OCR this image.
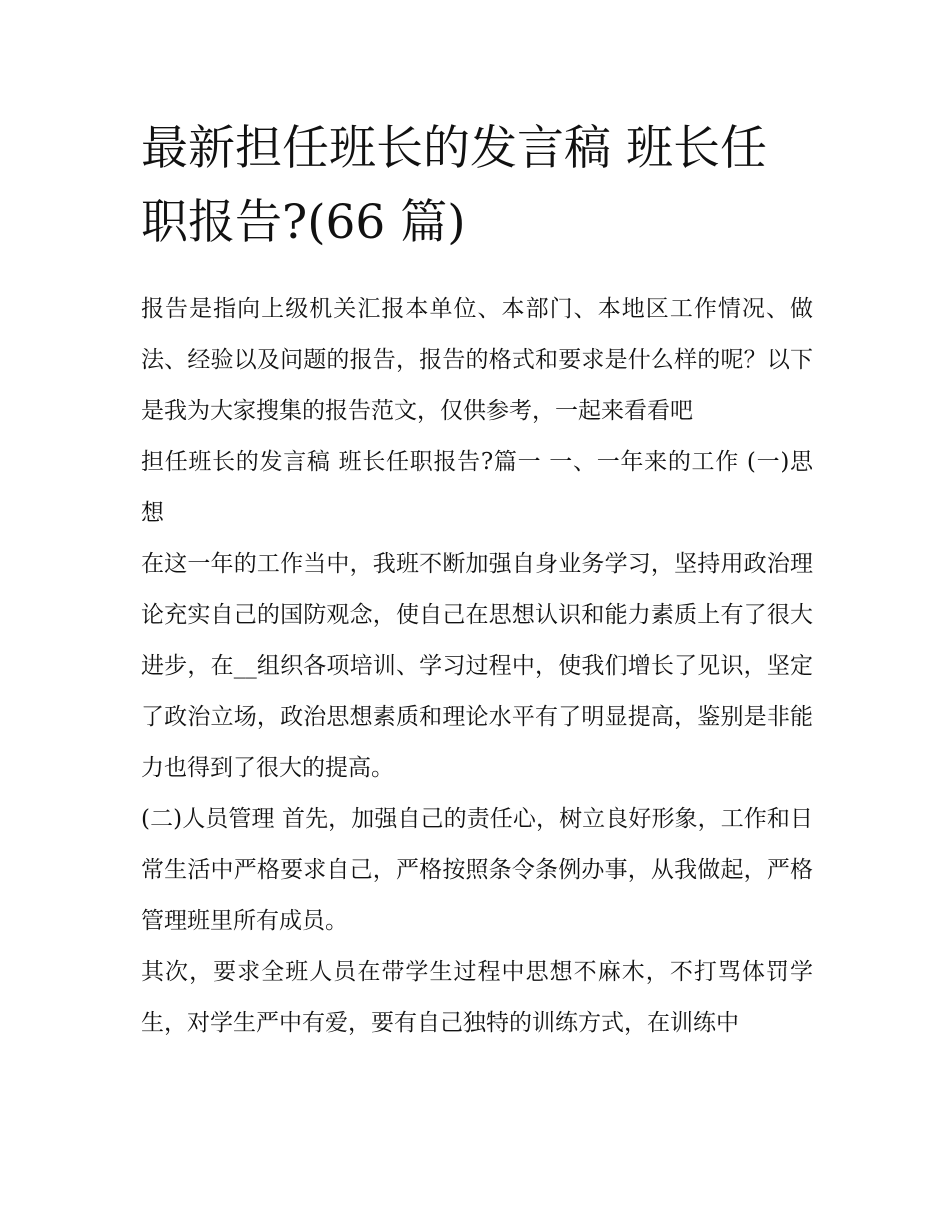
最新担任班长的发言稿 班长任职报告?(66 篇)

报告是指向上级机关汇报本单位、本部门、本地区工作情况、做法、经验以及问题的报告，报告的格式和要求是什么样的呢？以下是我为大家搜集的报告范文，仅供参考，一起来看看吧

担任班长的发言稿 班长任职报告?篇一 一、一年来的工作 (一)思想

在这一年的工作当中，我班不断加强自身业务学习，坚持用政治理论充实自己的国防观念，使自己在思想认识和能力素质上有了很大进步，在__组织各项培训、学习过程中，使我们增长了见识，坚定了政治立场，政治思想素质和理论水平有了明显提高，鉴别是非能力也得到了很大的提高。

(二)人员管理 首先，加强自己的责任心，树立良好形象，工作和日常生活中严格要求自己，严格按照条令条例办事，从我做起，严格管理班里所有成员。

其次，要求全班人员在带学生过程中思想不麻木，不打骂体罚学生，对学生严中有爱，要有自己独特的训练方式，在训练中
